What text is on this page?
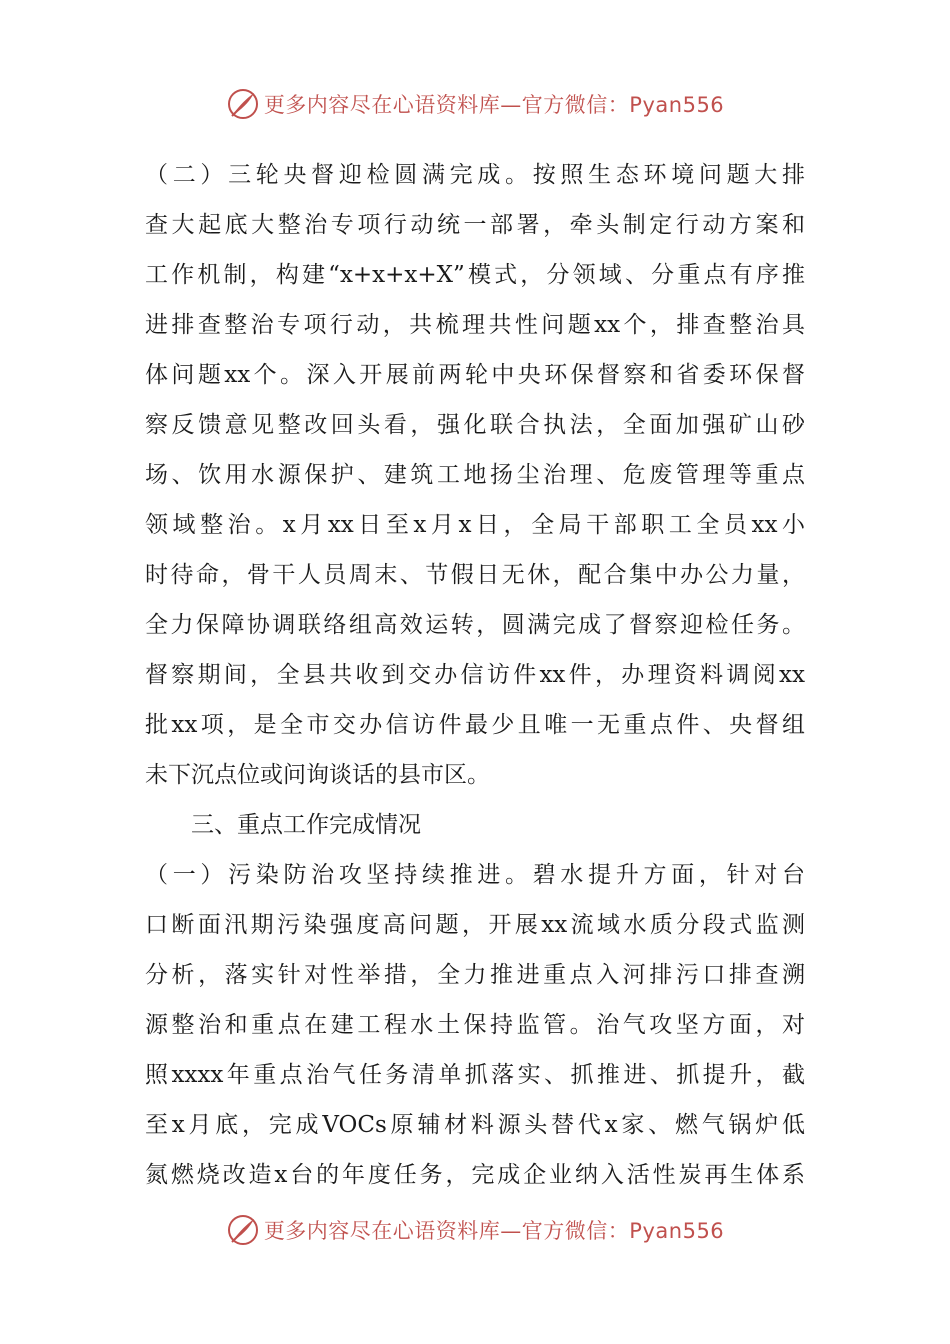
更多内容尽在心语资料库—官方微信：Pyan556
（二）三轮央督迎检圆满完成。按照生态环境问题大排
查大起底大整治专项行动统一部署，牵头制定行动方案和
工作机制，构建“x+x+x+X”模式，分领域、分重点有序推
进排查整治专项行动，共梳理共性问题xx个，排查整治具
体问题xx个。深入开展前两轮中央环保督察和省委环保督
察反馈意见整改回头看，强化联合执法，全面加强矿山砂
场、饮用水源保护、建筑工地扬尘治理、危废管理等重点
领域整治。x月xx日至x月x日，全局干部职工全员xx小
时待命，骨干人员周末、节假日无休，配合集中办公力量，
全力保障协调联络组高效运转，圆满完成了督察迎检任务。
督察期间，全县共收到交办信访件xx件，办理资料调阅xx
批xx项，是全市交办信访件最少且唯一无重点件、央督组
未下沉点位或问询谈话的县市区。
三、重点工作完成情况
（一）污染防治攻坚持续推进。碧水提升方面，针对台
口断面汛期污染强度高问题，开展xx流域水质分段式监测
分析，落实针对性举措，全力推进重点入河排污口排查溯
源整治和重点在建工程水土保持监管。治气攻坚方面，对
照xxxx年重点治气任务清单抓落实、抓推进、抓提升，截
至x月底，完成VOCs原辅材料源头替代x家、燃气锅炉低
氮燃烧改造x台的年度任务，完成企业纳入活性炭再生体系
更多内容尽在心语资料库—官方微信：Pyan556
